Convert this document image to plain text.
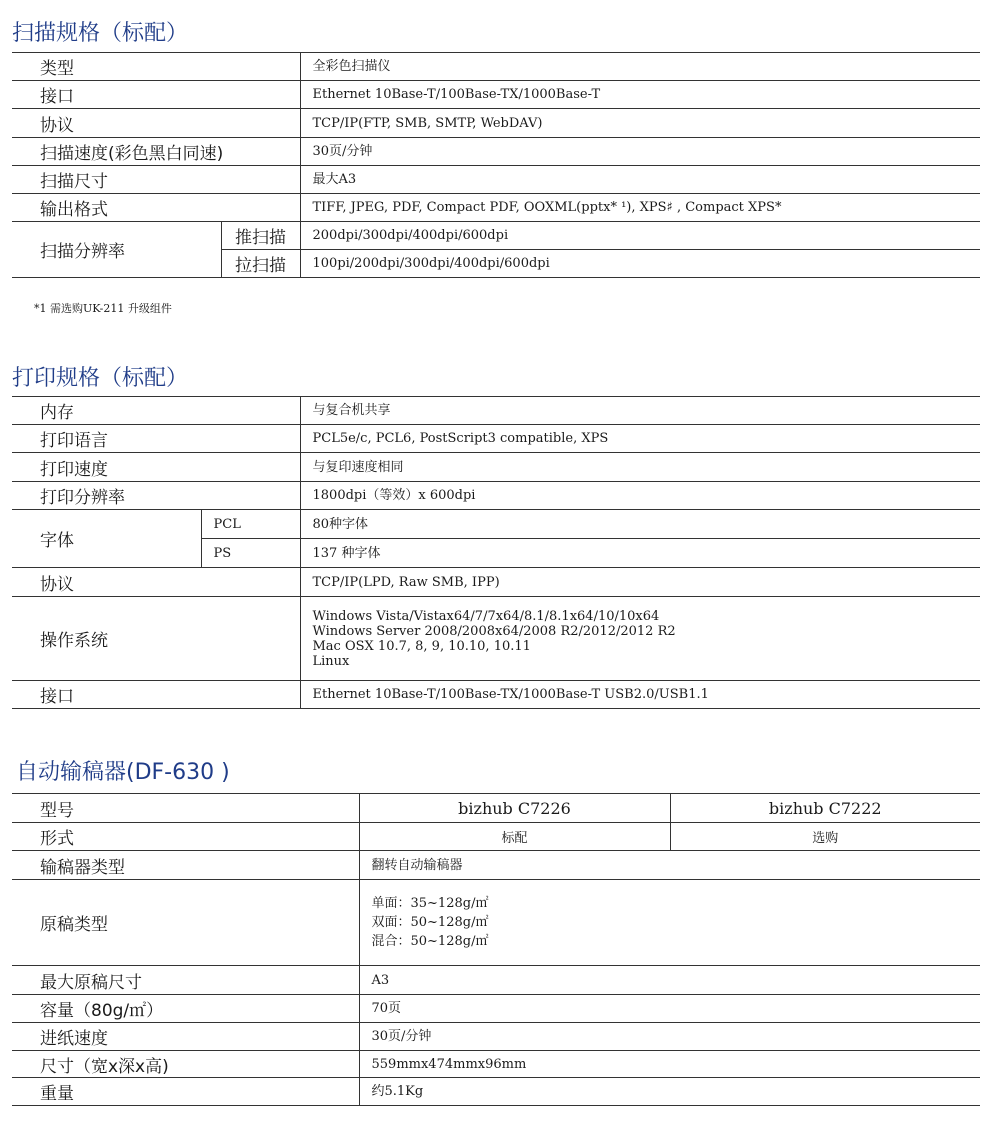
扫描规格（标配）
类型		全彩色扫描仪
接口		Ethernet 10Base-T/100Base-TX/1000Base-T
协议		TCP/IP(FTP, SMB, SMTP, WebDAV)
扫描速度(彩色黑白同速)		30页/分钟
扫描尺寸		最大A3
输出格式		TIFF, JPEG, PDF, Compact PDF, OOXML(pptx* ¹), XPS♯ , Compact XPS*
扫描分辨率	推扫描	200dpi/300dpi/400dpi/600dpi
	拉扫描	100pi/200dpi/300dpi/400dpi/600dpi
*1 需选购UK-211 升级组件
打印规格（标配）
内存		与复合机共享
打印语言		PCL5e/c, PCL6, PostScript3 compatible, XPS
打印速度		与复印速度相同
打印分辨率		1800dpi（等效）x 600dpi
字体	PCL	80种字体
	PS	137 种字体
协议		TCP/IP(LPD, Raw SMB, IPP)
操作系统		Windows Vista/Vistax64/7/7x64/8.1/8.1x64/10/10x64
Windows Server 2008/2008x64/2008 R2/2012/2012 R2
Mac OSX 10.7, 8, 9, 10.10, 10.11
Linux

接口		Ethernet 10Base-T/100Base-TX/1000Base-T USB2.0/USB1.1
自动输稿器(DF-630 )
型号	bizhub C7226	bizhub C7222
形式	标配	选购
输稿器类型	翻转自动输稿器	
原稿类型	单面：35~128g/㎡
双面：50~128g/㎡
混合：50~128g/㎡	

最大原稿尺寸	A3	
容量（80g/㎡）	70页	
进纸速度	30页/分钟	
尺寸（宽x深x高)	559mmx474mmx96mm	
重量	约5.1Kg	
